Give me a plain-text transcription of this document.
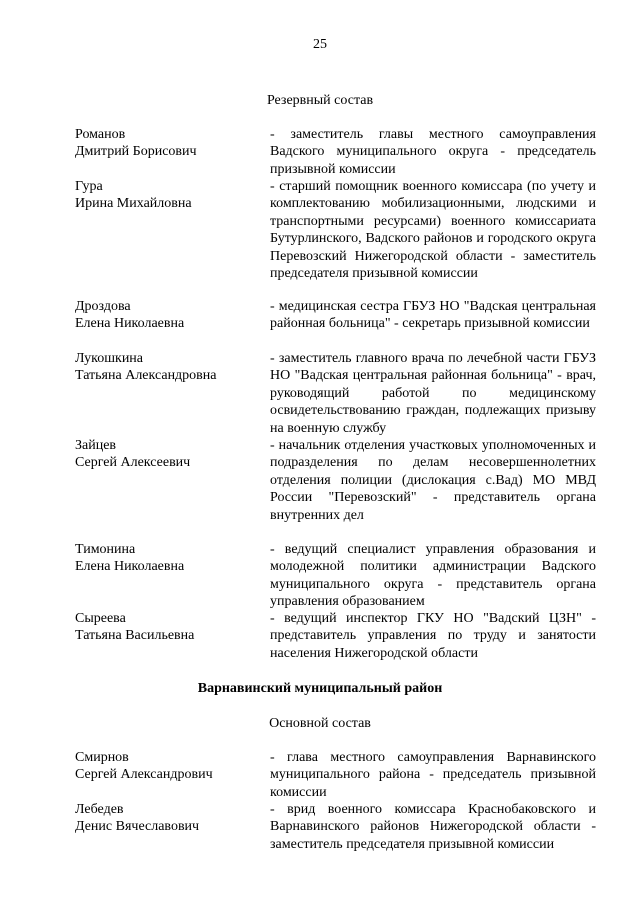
25
Резервный состав
Романов
Дмитрий Борисович
- заместитель главы местного самоуправления Вадского муниципального округа - председатель призывной комиссии
Гура
Ирина Михайловна
- старший помощник военного комиссара (по учету и комплектованию мобилизационными, людскими и транспортными ресурсами) военного комиссариата Бутурлинского, Вадского районов и городского округа Перевозский Нижегородской области - заместитель председателя призывной комиссии
Дроздова
Елена Николаевна
- медицинская сестра ГБУЗ НО "Вадская центральная районная больница" - секретарь призывной комиссии
Лукошкина
Татьяна Александровна
- заместитель главного врача по лечебной части ГБУЗ НО "Вадская центральная районная больница" - врач, руководящий работой по медицинскому освидетельствованию граждан, подлежащих призыву на военную службу
Зайцев
Сергей Алексеевич
- начальник отделения участковых уполномоченных и подразделения по делам несовершеннолетних отделения полиции (дислокация с.Вад) МО МВД России "Перевозский" - представитель органа внутренних дел
Тимонина
Елена Николаевна
- ведущий специалист управления образования и молодежной политики администрации Вадского муниципального округа - представитель органа управления образованием
Сыреева
Татьяна Васильевна
- ведущий инспектор ГКУ НО "Вадский ЦЗН" - представитель управления по труду и занятости населения Нижегородской области
Варнавинский муниципальный район
Основной состав
Смирнов
Сергей Александрович
- глава местного самоуправления Варнавинского муниципального района - председатель призывной комиссии
Лебедев
Денис Вячеславович
- врид военного комиссара Краснобаковского и Варнавинского районов Нижегородской области - заместитель председателя призывной комиссии
